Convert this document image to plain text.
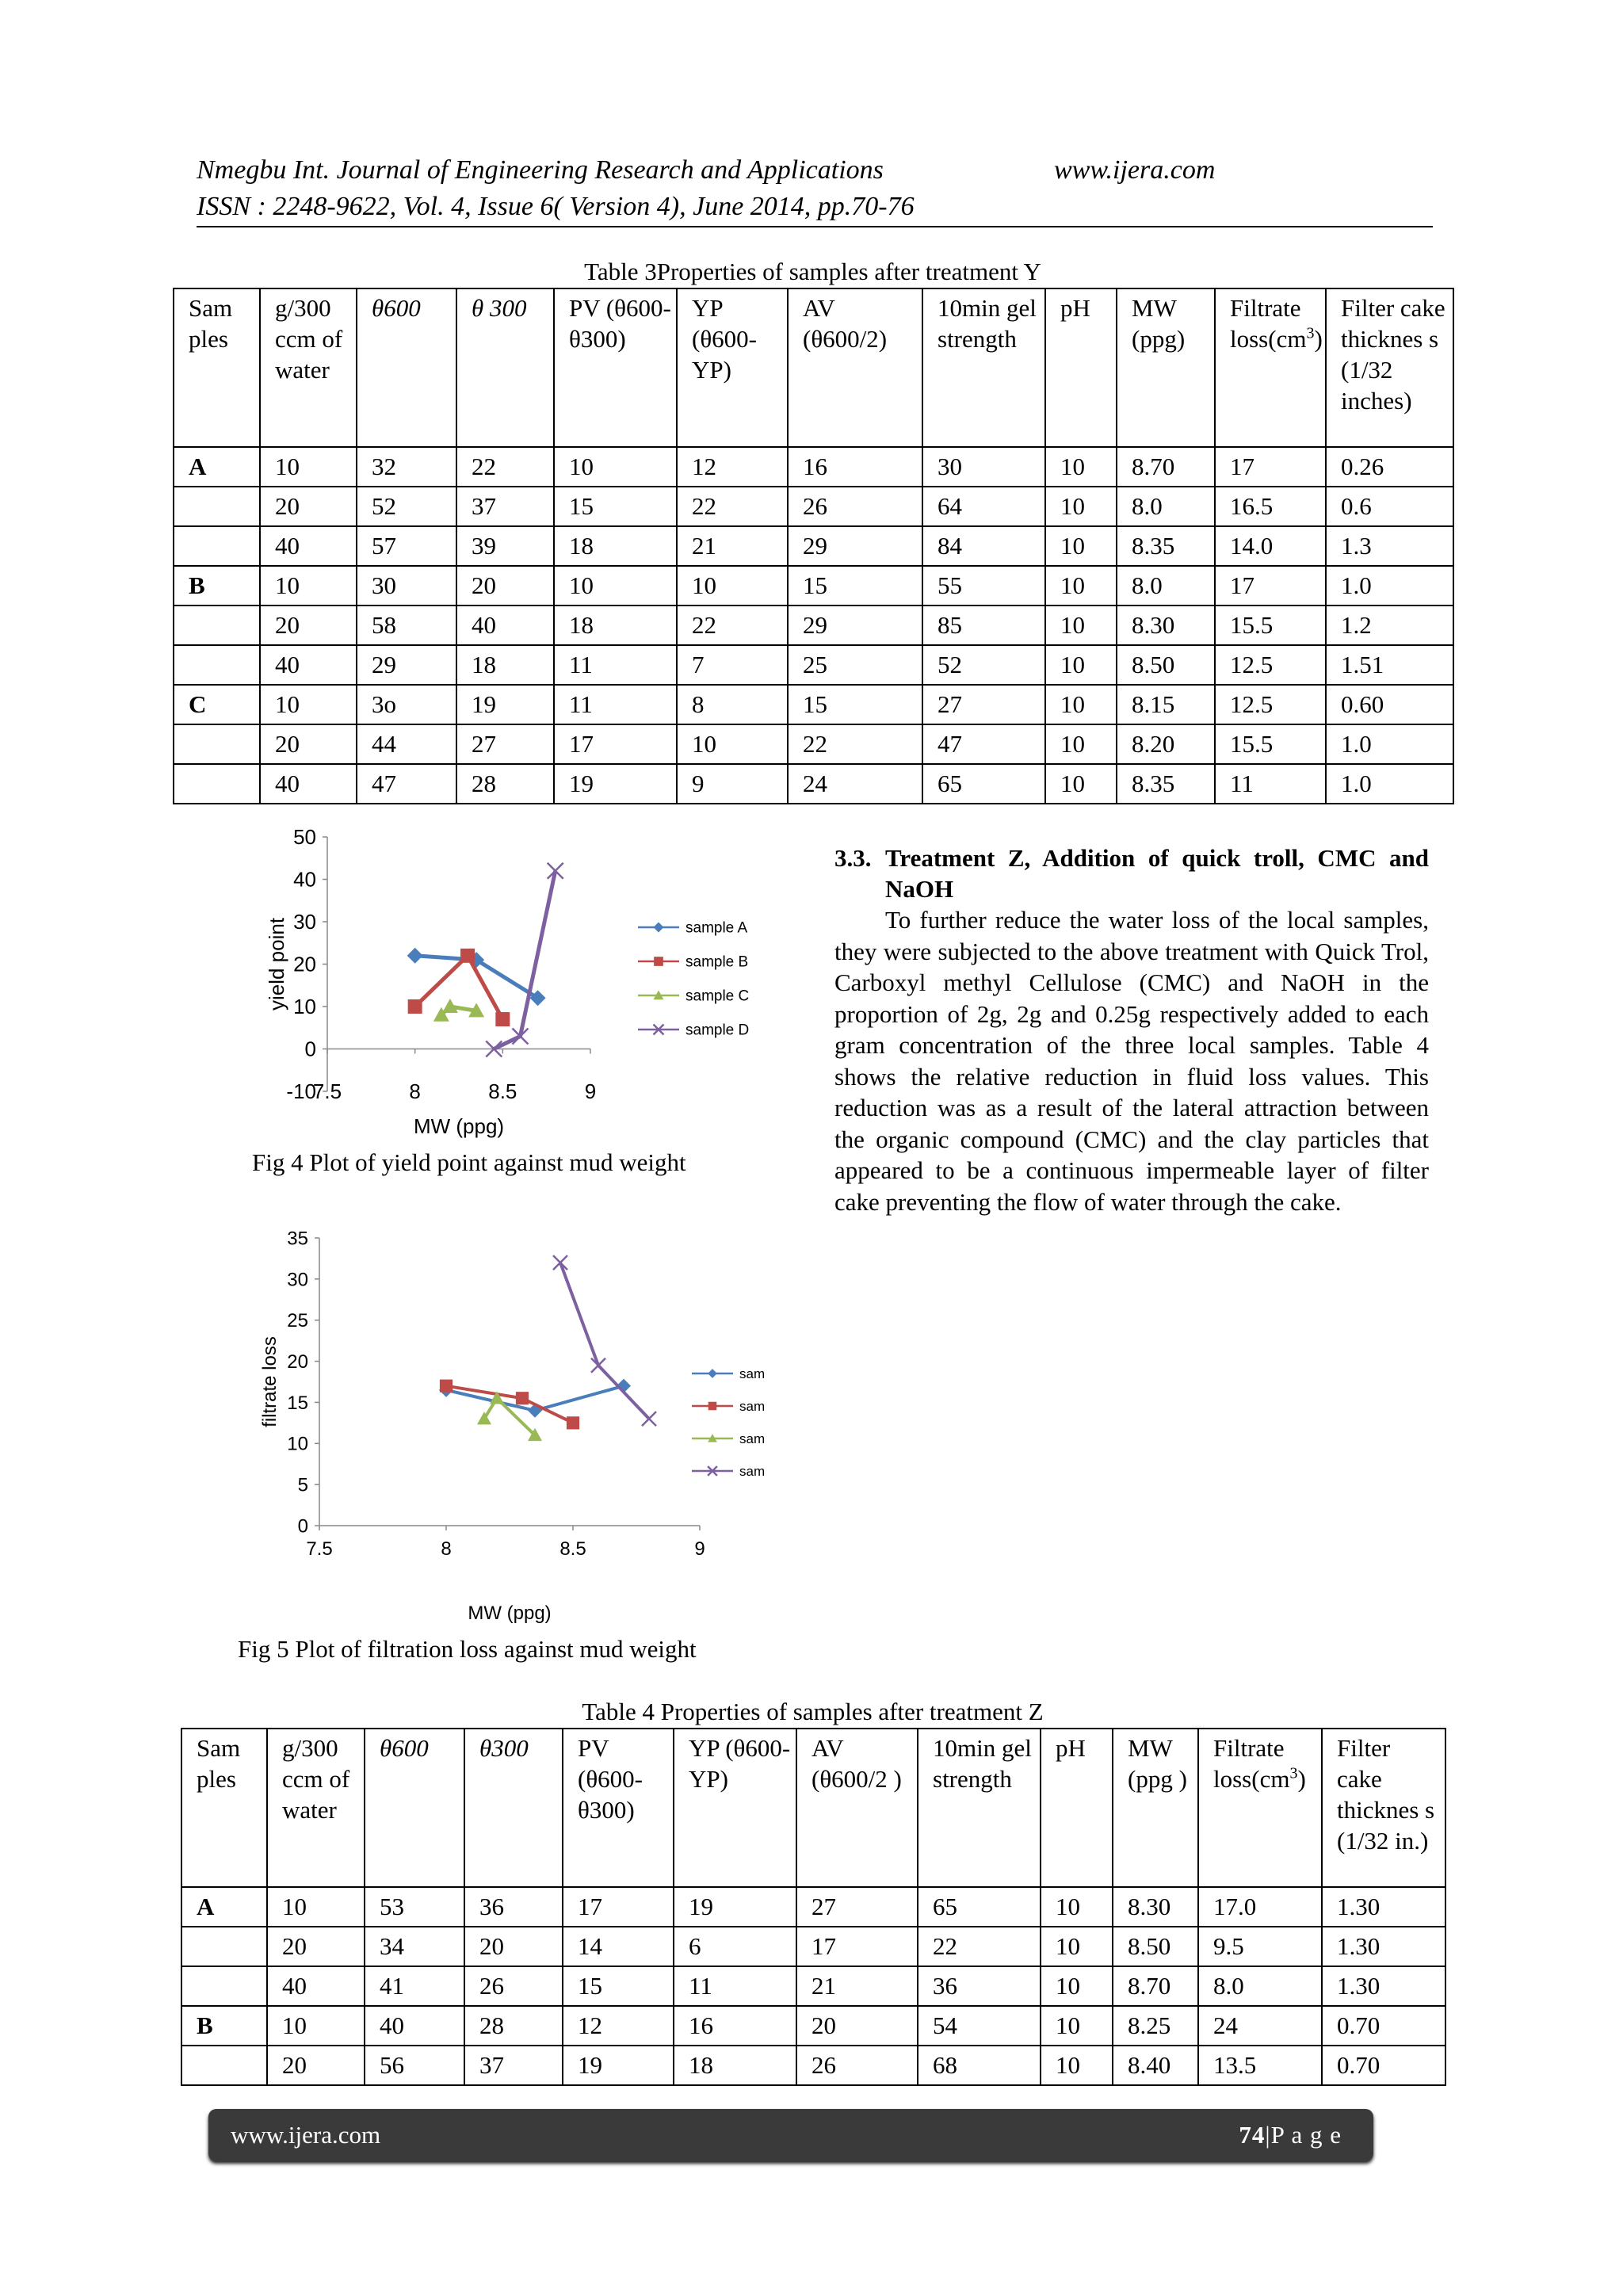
Nmegbu Int. Journal of Engineering Research and Applications	www.ijera.com
ISSN : 2248-9622, Vol. 4, Issue 6( Version 4), June 2014, pp.70-76
Table 3Properties of samples after treatment Y
Sam ples	g/300 ccm of water	θ600	θ 300	PV (θ600-θ300)	YP (θ600-YP)	AV (θ600/2)	10min gel strength	pH	MW (ppg)	Filtrate $loss(cm^3)$	Filter cake thicknes s (1/32 inches)
A	10	32	22	10	12	16	30	10	8.70	17	0.26
	20	52	37	15	22	26	64	10	8.0	16.5	0.6
	40	57	39	18	21	29	84	10	8.35	14.0	1.3
B	10	30	20	10	10	15	55	10	8.0	17	1.0
	20	58	40	18	22	29	85	10	8.30	15.5	1.2
	40	29	18	11	7	25	52	10	8.50	12.5	1.51
C	10	3o	19	11	8	15	27	10	8.15	12.5	0.60
	20	44	27	17	10	22	47	10	8.20	15.5	1.0
	40	47	28	19	9	24	65	10	8.35	11	1.0
-10
0
10
20
30
40
50
7.5	8	8.5	9
MW (ppg)
yield point	sample A
sample B
sample C
sample D
Fig 4 Plot of yield point against mud weight
0
5
10
15
20
25
30
35
7.5	8	8.5	9
MW (ppg)
filtrate loss	sam
sam
sam
sam
Fig 5 Plot of filtration loss against mud weight
3.3. Treatment Z, Addition of quick troll, CMC and NaOH

To further reduce the water loss of the local samples, they were subjected to the above treatment with Quick Trol, Carboxyl methyl Cellulose (CMC) and NaOH in the proportion of 2g, 2g and 0.25g respectively added to each gram concentration of the three local samples. Table 4 shows the relative reduction in fluid loss values. This reduction was as a result of the lateral attraction between the organic compound (CMC) and the clay particles that appeared to be a continuous impermeable layer of filter cake preventing the flow of water through the cake.

Table 4 Properties of samples after treatment Z
Sam ples	g/300 ccm of water	θ600	θ300	PV (θ600-θ300)	YP (θ600-YP)	AV (θ600/2 )	10min gel strength	pH	MW (ppg )	Filtrate $loss(cm^3)$	Filter cake thicknes s (1/32 in.)
A	10	53	36	17	19	27	65	10	8.30	17.0	1.30
	20	34	20	14	6	17	22	10	8.50	9.5	1.30
	40	41	26	15	11	21	36	10	8.70	8.0	1.30
B	10	40	28	12	16	20	54	10	8.25	24	0.70
	20	56	37	19	18	26	68	10	8.40	13.5	0.70
www.ijera.com	74|P a g e
